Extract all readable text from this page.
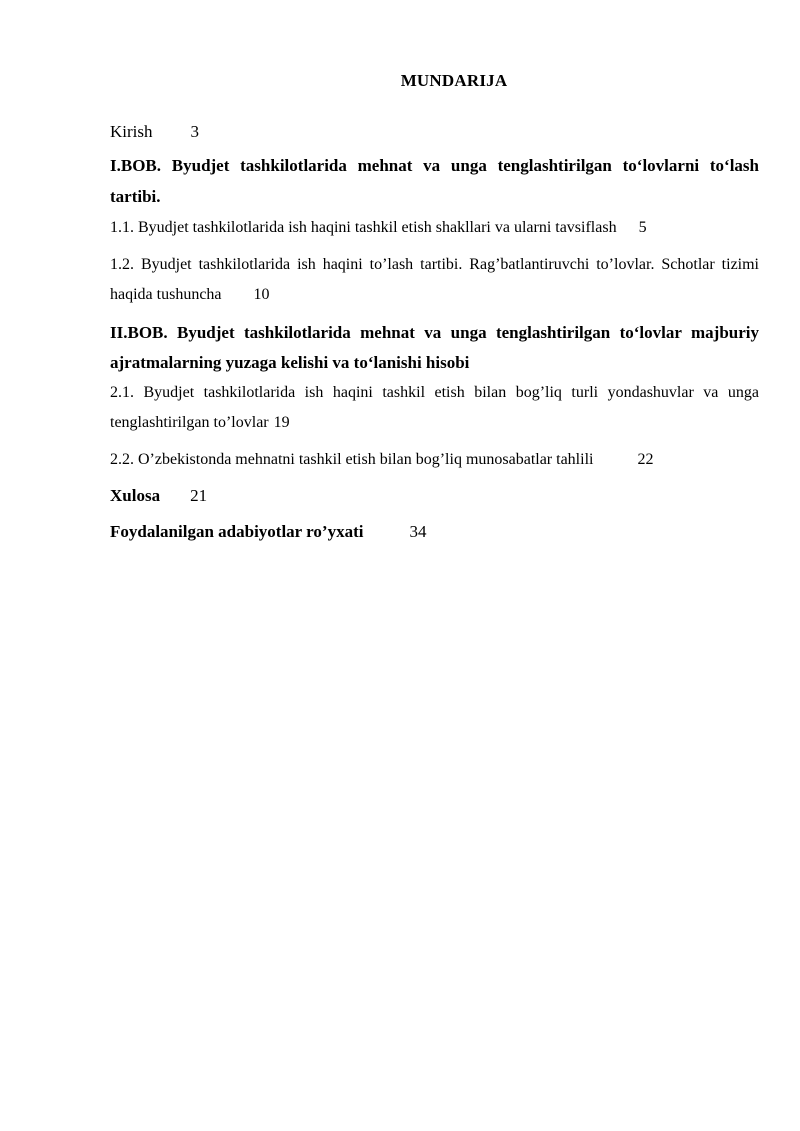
MUNDARIJA
Kirish 3
I.BOB. Byudjet tashkilotlarida mehnat va unga tenglashtirilgan to‘lovlarni to‘lash tartibi.
1.1. Byudjet tashkilotlarida ish haqini tashkil etish shakllari va ularni tavsiflash 5
1.2. Byudjet tashkilotlarida ish haqini to’lash tartibi. Rag’batlantiruvchi to’lovlar. Schotlar tizimi haqida tushuncha 10
II.BOB. Byudjet tashkilotlarida mehnat va unga tenglashtirilgan to‘lovlar majburiy ajratmalarning yuzaga kelishi va to‘lanishi hisobi
2.1. Byudjet tashkilotlarida ish haqini tashkil etish bilan bog’liq turli yondashuvlar va unga tenglashtirilgan to’lovlar 19
2.2. O’zbekistonda mehnatni tashkil etish bilan bog’liq munosabatlar tahlili	22
Xulosa 21
Foydalanilgan adabiyotlar ro’yxati	34
